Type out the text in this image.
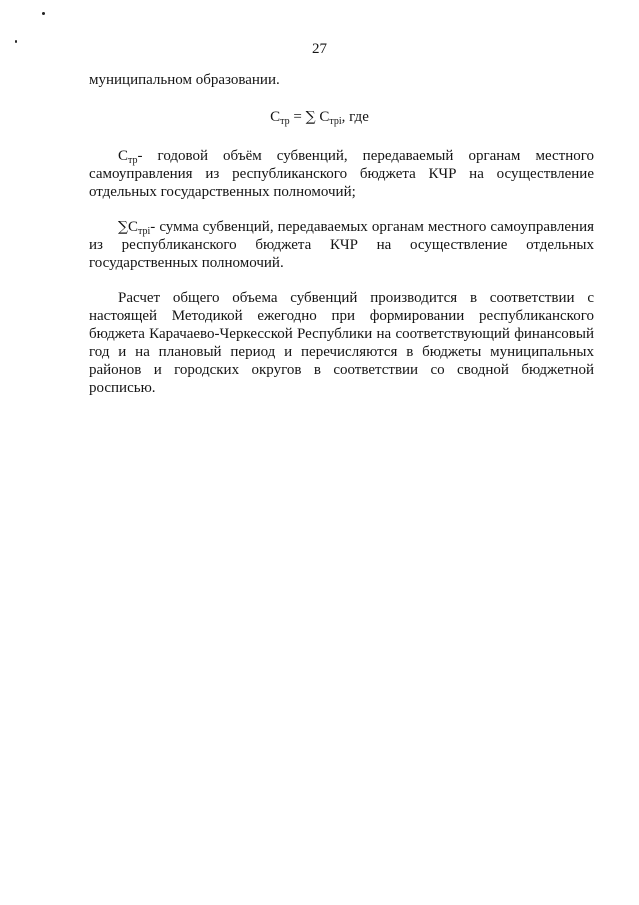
27
муниципальном образовании.
$С_{тр}$ = ∑ $С_{трi}$, где
$С_{тр}-$ годовой объём субвенций, передаваемый органам местного самоуправления из республиканского бюджета КЧР на осуществление отдельных государственных полномочий;
$\sum С_{трi}-$ сумма субвенций, передаваемых органам местного самоуправления из республиканского бюджета КЧР на осуществление отдельных государственных полномочий.
Расчет общего объема субвенций производится в соответствии с настоящей Методикой ежегодно при формировании республиканского бюджета Карачаево-Черкесской Республики на соответствующий финансовый год и на плановый период и перечисляются в бюджеты муниципальных районов и городских округов в соответствии со сводной бюджетной росписью.
